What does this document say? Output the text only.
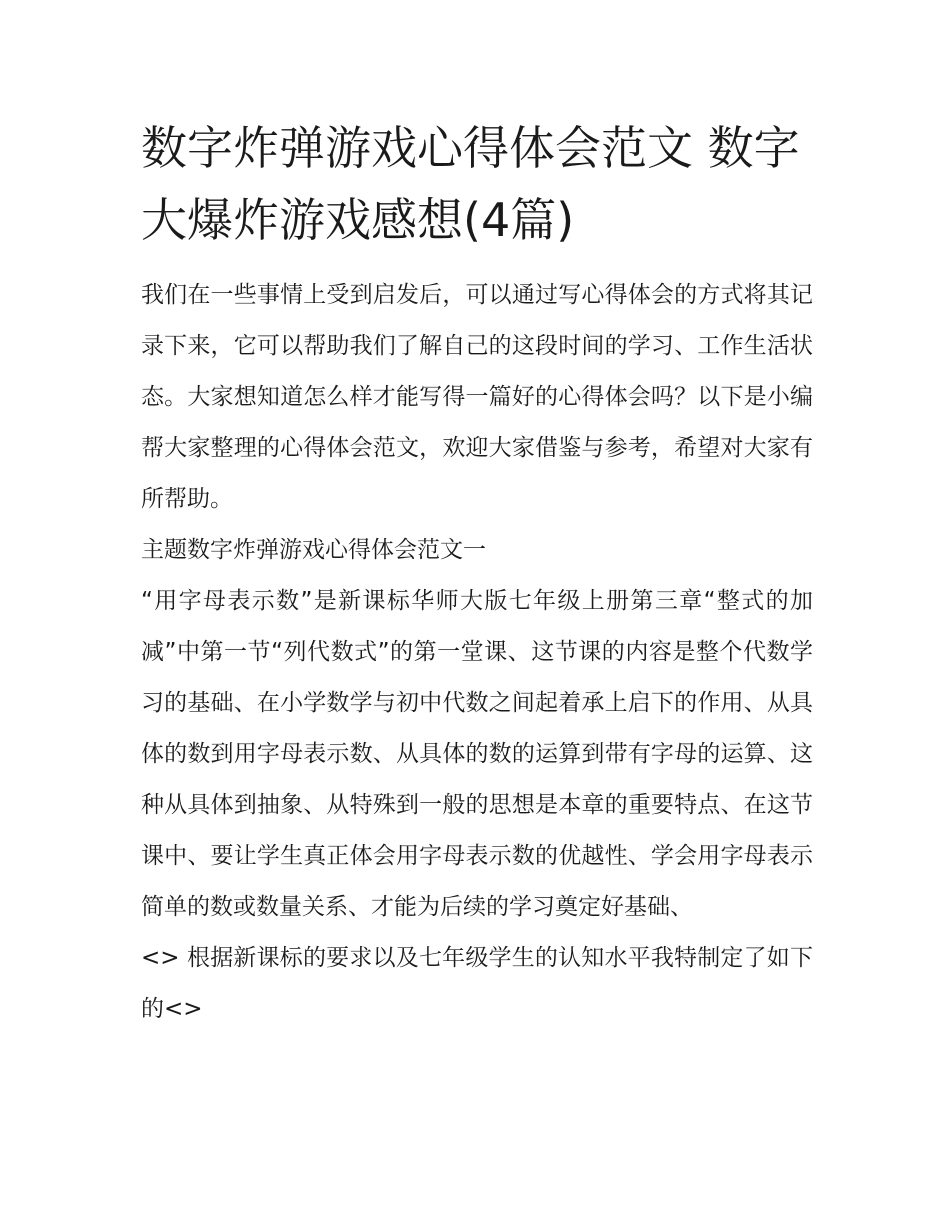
数字炸弹游戏心得体会范文 数字大爆炸游戏感想(4篇)

我们在一些事情上受到启发后，可以通过写心得体会的方式将其记录下来，它可以帮助我们了解自己的这段时间的学习、工作生活状态。大家想知道怎么样才能写得一篇好的心得体会吗？以下是小编帮大家整理的心得体会范文，欢迎大家借鉴与参考，希望对大家有所帮助。

主题数字炸弹游戏心得体会范文一

“用字母表示数”是新课标华师大版七年级上册第三章“整式的加减”中第一节“列代数式”的第一堂课、这节课的内容是整个代数学习的基础、在小学数学与初中代数之间起着承上启下的作用、从具体的数到用字母表示数、从具体的数的运算到带有字母的运算、这种从具体到抽象、从特殊到一般的思想是本章的重要特点、在这节课中、要让学生真正体会用字母表示数的优越性、学会用字母表示简单的数或数量关系、才能为后续的学习奠定好基础、

<> 根据新课标的要求以及七年级学生的认知水平我特制定了如下的<>
